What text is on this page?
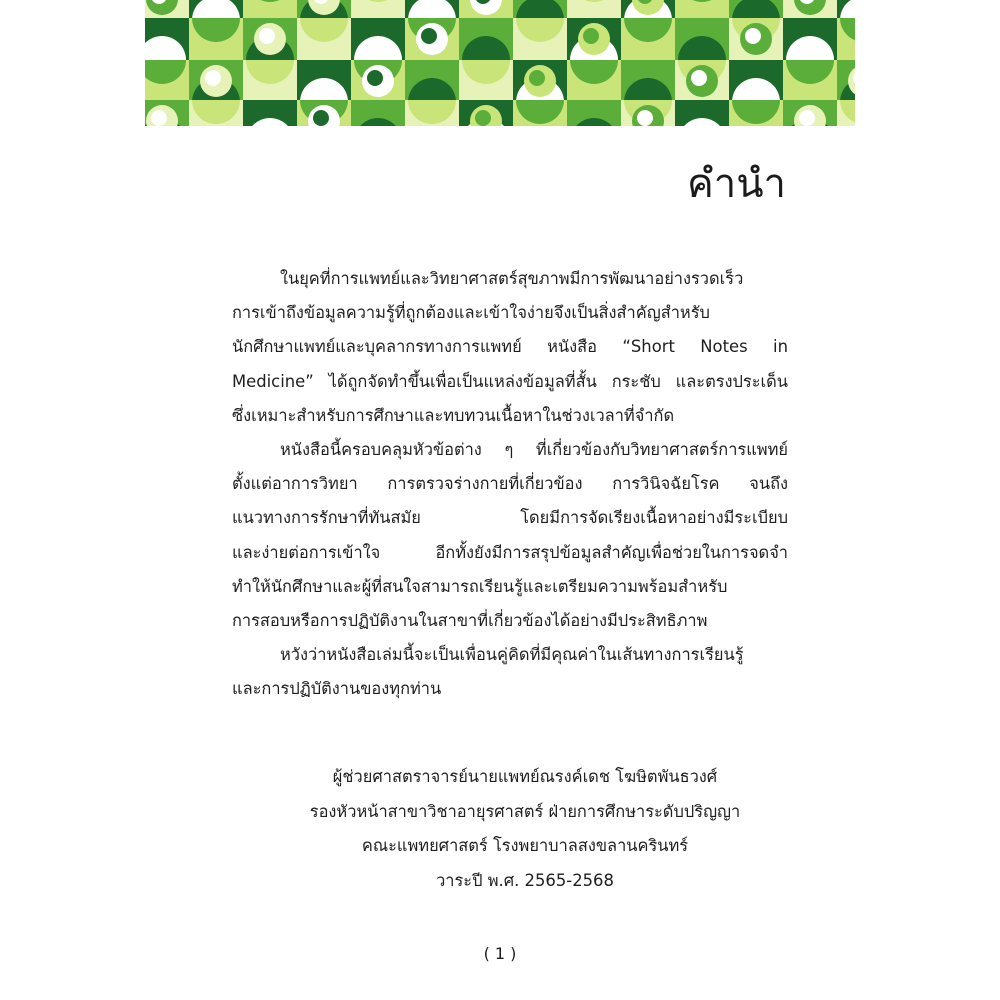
คำนำ
ในยุคที่การแพทย์และวิทยาศาสตร์สุขภาพมีการพัฒนาอย่างรวดเร็ว
การเข้าถึงข้อมูลความรู้ที่ถูกต้องและเข้าใจง่ายจึงเป็นสิ่งสำคัญสำหรับ
นักศึกษาแพทย์และบุคลากรทางการแพทย์ หนังสือ “Short Notes in
Medicine” ได้ถูกจัดทำขึ้นเพื่อเป็นแหล่งข้อมูลที่สั้น กระชับ และตรงประเด็น
ซึ่งเหมาะสำหรับการศึกษาและทบทวนเนื้อหาในช่วงเวลาที่จำกัด
หนังสือนี้ครอบคลุมหัวข้อต่าง ๆ ที่เกี่ยวข้องกับวิทยาศาสตร์การแพทย์
ตั้งแต่อาการวิทยา การตรวจร่างกายที่เกี่ยวข้อง การวินิจฉัยโรค จนถึง
แนวทางการรักษาที่ทันสมัย โดยมีการจัดเรียงเนื้อหาอย่างมีระเบียบ
และง่ายต่อการเข้าใจ อีกทั้งยังมีการสรุปข้อมูลสำคัญเพื่อช่วยในการจดจำ
ทำให้นักศึกษาและผู้ที่สนใจสามารถเรียนรู้และเตรียมความพร้อมสำหรับ
การสอบหรือการปฏิบัติงานในสาขาที่เกี่ยวข้องได้อย่างมีประสิทธิภาพ
หวังว่าหนังสือเล่มนี้จะเป็นเพื่อนคู่คิดที่มีคุณค่าในเส้นทางการเรียนรู้
และการปฏิบัติงานของทุกท่าน
ผู้ช่วยศาสตราจารย์นายแพทย์ณรงค์เดช โฆษิตพันธวงศ์
รองหัวหน้าสาขาวิชาอายุรศาสตร์ ฝ่ายการศึกษาระดับปริญญา
คณะแพทยศาสตร์ โรงพยาบาลสงขลานครินทร์
วาระปี พ.ศ. 2565-2568
( 1 )
